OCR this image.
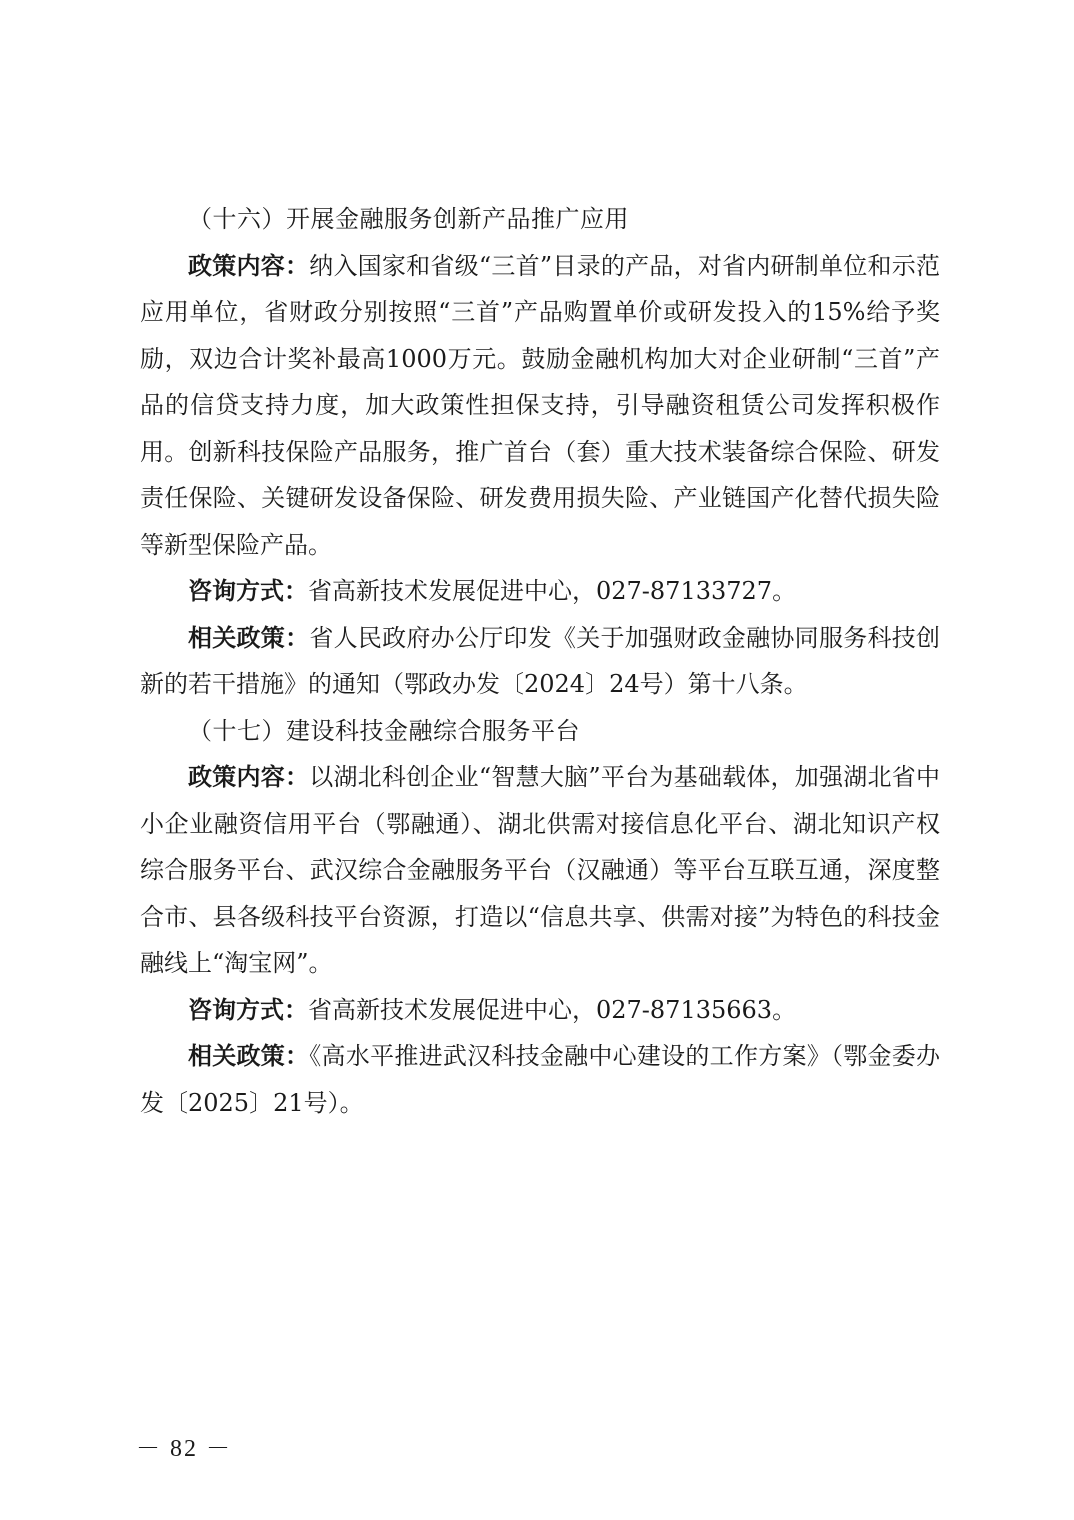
（十六）开展金融服务创新产品推广应用

政策内容：纳入国家和省级“三首”目录的产品，对省内研制单位和示范应用单位，省财政分别按照“三首”产品购置单价或研发投入的15%给予奖励，双边合计奖补最高1000万元。鼓励金融机构加大对企业研制“三首”产品的信贷支持力度，加大政策性担保支持，引导融资租赁公司发挥积极作用。创新科技保险产品服务，推广首台（套）重大技术装备综合保险、研发责任保险、关键研发设备保险、研发费用损失险、产业链国产化替代损失险等新型保险产品。

咨询方式：省高新技术发展促进中心，027-87133727。

相关政策：省人民政府办公厅印发《关于加强财政金融协同服务科技创新的若干措施》的通知（鄂政办发〔2024〕24号）第十八条。

（十七）建设科技金融综合服务平台

政策内容：以湖北科创企业“智慧大脑”平台为基础载体，加强湖北省中小企业融资信用平台（鄂融通）、湖北供需对接信息化平台、湖北知识产权综合服务平台、武汉综合金融服务平台（汉融通）等平台互联互通，深度整合市、县各级科技平台资源，打造以“信息共享、供需对接”为特色的科技金融线上“淘宝网”。

咨询方式：省高新技术发展促进中心，027-87135663。

相关政策：《高水平推进武汉科技金融中心建设的工作方案》（鄂金委办发〔2025〕21号）。

－ 82 －
